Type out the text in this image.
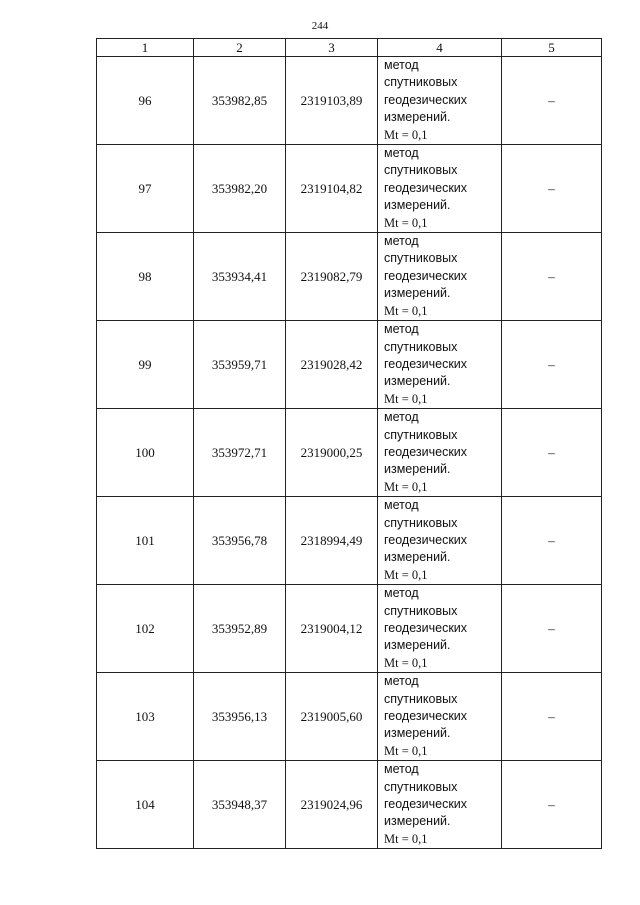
244
1	2	3	4	5
96	353982,85	2319103,89	метод
спутниковых
геодезических
измерений.
Mt = 0,1	–
97	353982,20	2319104,82	метод
спутниковых
геодезических
измерений.
Mt = 0,1	–
98	353934,41	2319082,79	метод
спутниковых
геодезических
измерений.
Mt = 0,1	–
99	353959,71	2319028,42	метод
спутниковых
геодезических
измерений.
Mt = 0,1	–
100	353972,71	2319000,25	метод
спутниковых
геодезических
измерений.
Mt = 0,1	–
101	353956,78	2318994,49	метод
спутниковых
геодезических
измерений.
Mt = 0,1	–
102	353952,89	2319004,12	метод
спутниковых
геодезических
измерений.
Mt = 0,1	–
103	353956,13	2319005,60	метод
спутниковых
геодезических
измерений.
Mt = 0,1	–
104	353948,37	2319024,96	метод
спутниковых
геодезических
измерений.
Mt = 0,1	–
